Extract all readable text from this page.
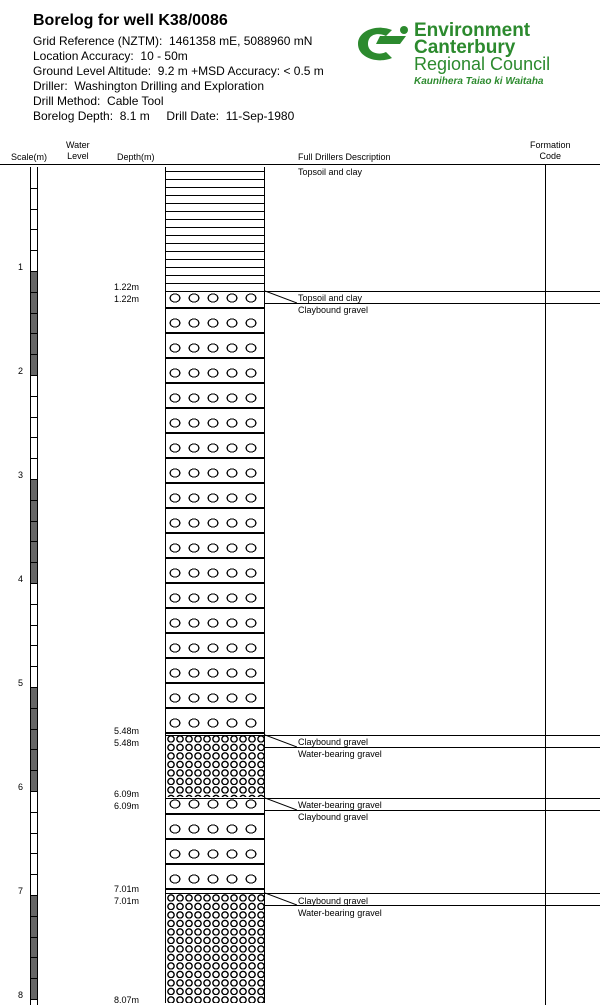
Borelog for well K38/0086
Grid Reference (NZTM):  1461358 mE, 5088960 mN
Location Accuracy:  10 - 50m
Ground Level Altitude:  9.2 m +MSD Accuracy: < 0.5 m
Driller:  Washington Drilling and Exploration
Drill Method:  Cable Tool
Borelog Depth:  8.1 m     Drill Date:  11-Sep-1980
Environment
Canterbury
Regional Council
Kaunihera Taiao ki Waitaha
Scale(m)
Water
Level	Depth(m)	Full Drillers Description
Formation
Code
1
2
3
4
5
6
7
8
1.22m
1.22m
5.48m
5.48m
6.09m
6.09m
7.01m
7.01m
8.07m
Topsoil and clay
Topsoil and clay
Claybound gravel
Claybound gravel
Water-bearing gravel
Water-bearing gravel
Claybound gravel
Claybound gravel
Water-bearing gravel
